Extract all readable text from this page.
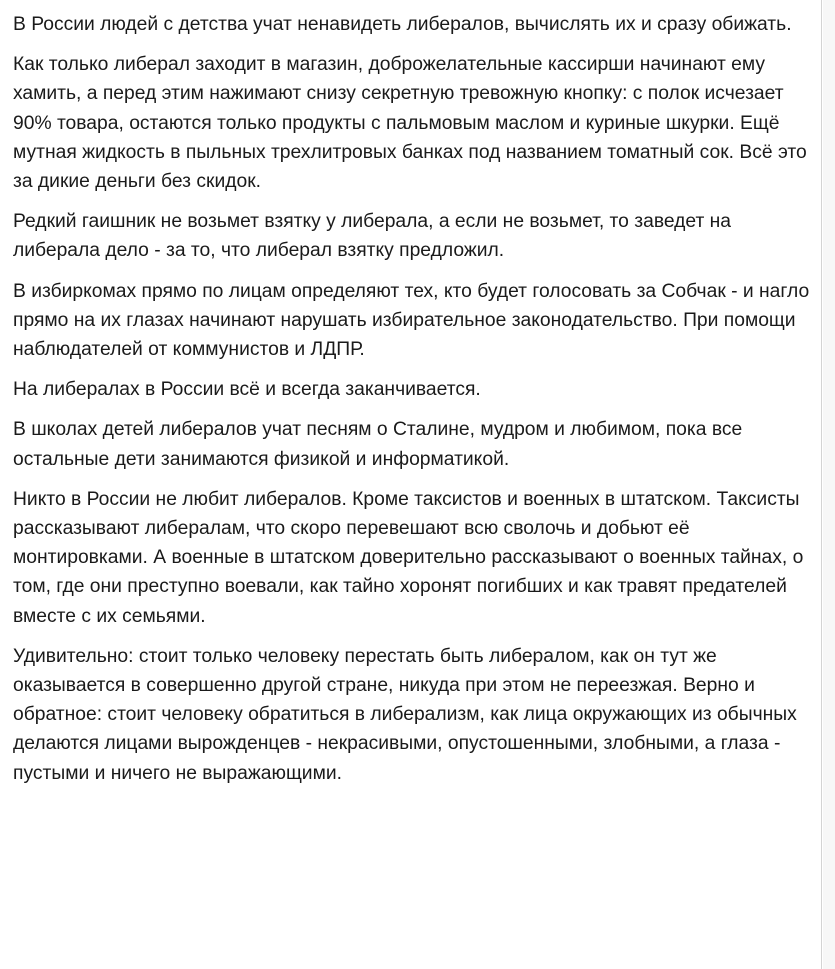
В России людей с детства учат ненавидеть либералов, вычислять их и сразу обижать.

Как только либерал заходит в магазин, доброжелательные кассирши начинают ему хамить, а перед этим нажимают снизу секретную тревожную кнопку: с полок исчезает 90% товара, остаются только продукты с пальмовым маслом и куриные шкурки. Ещё мутная жидкость в пыльных трехлитровых банках под названием томатный сок. Всё это за дикие деньги без скидок.

Редкий гаишник не возьмет взятку у либерала, а если не возьмет, то заведет на либерала дело - за то, что либерал взятку предложил.

В избиркомах прямо по лицам определяют тех, кто будет голосовать за Собчак - и нагло прямо на их глазах начинают нарушать избирательное законодательство. При помощи наблюдателей от коммунистов и ЛДПР.

На либералах в России всё и всегда заканчивается.

В школах детей либералов учат песням о Сталине, мудром и любимом, пока все остальные дети занимаются физикой и информатикой.

Никто в России не любит либералов. Кроме таксистов и военных в штатском. Таксисты рассказывают либералам, что скоро перевешают всю сволочь и добьют её монтировками. А военные в штатском доверительно рассказывают о военных тайнах, о том, где они преступно воевали, как тайно хоронят погибших и как травят предателей вместе с их семьями.

Удивительно: стоит только человеку перестать быть либералом, как он тут же оказывается в совершенно другой стране, никуда при этом не переезжая. Верно и обратное: стоит человеку обратиться в либерализм, как лица окружающих из обычных делаются лицами вырожденцев - некрасивыми, опустошенными, злобными, а глаза - пустыми и ничего не выражающими.
